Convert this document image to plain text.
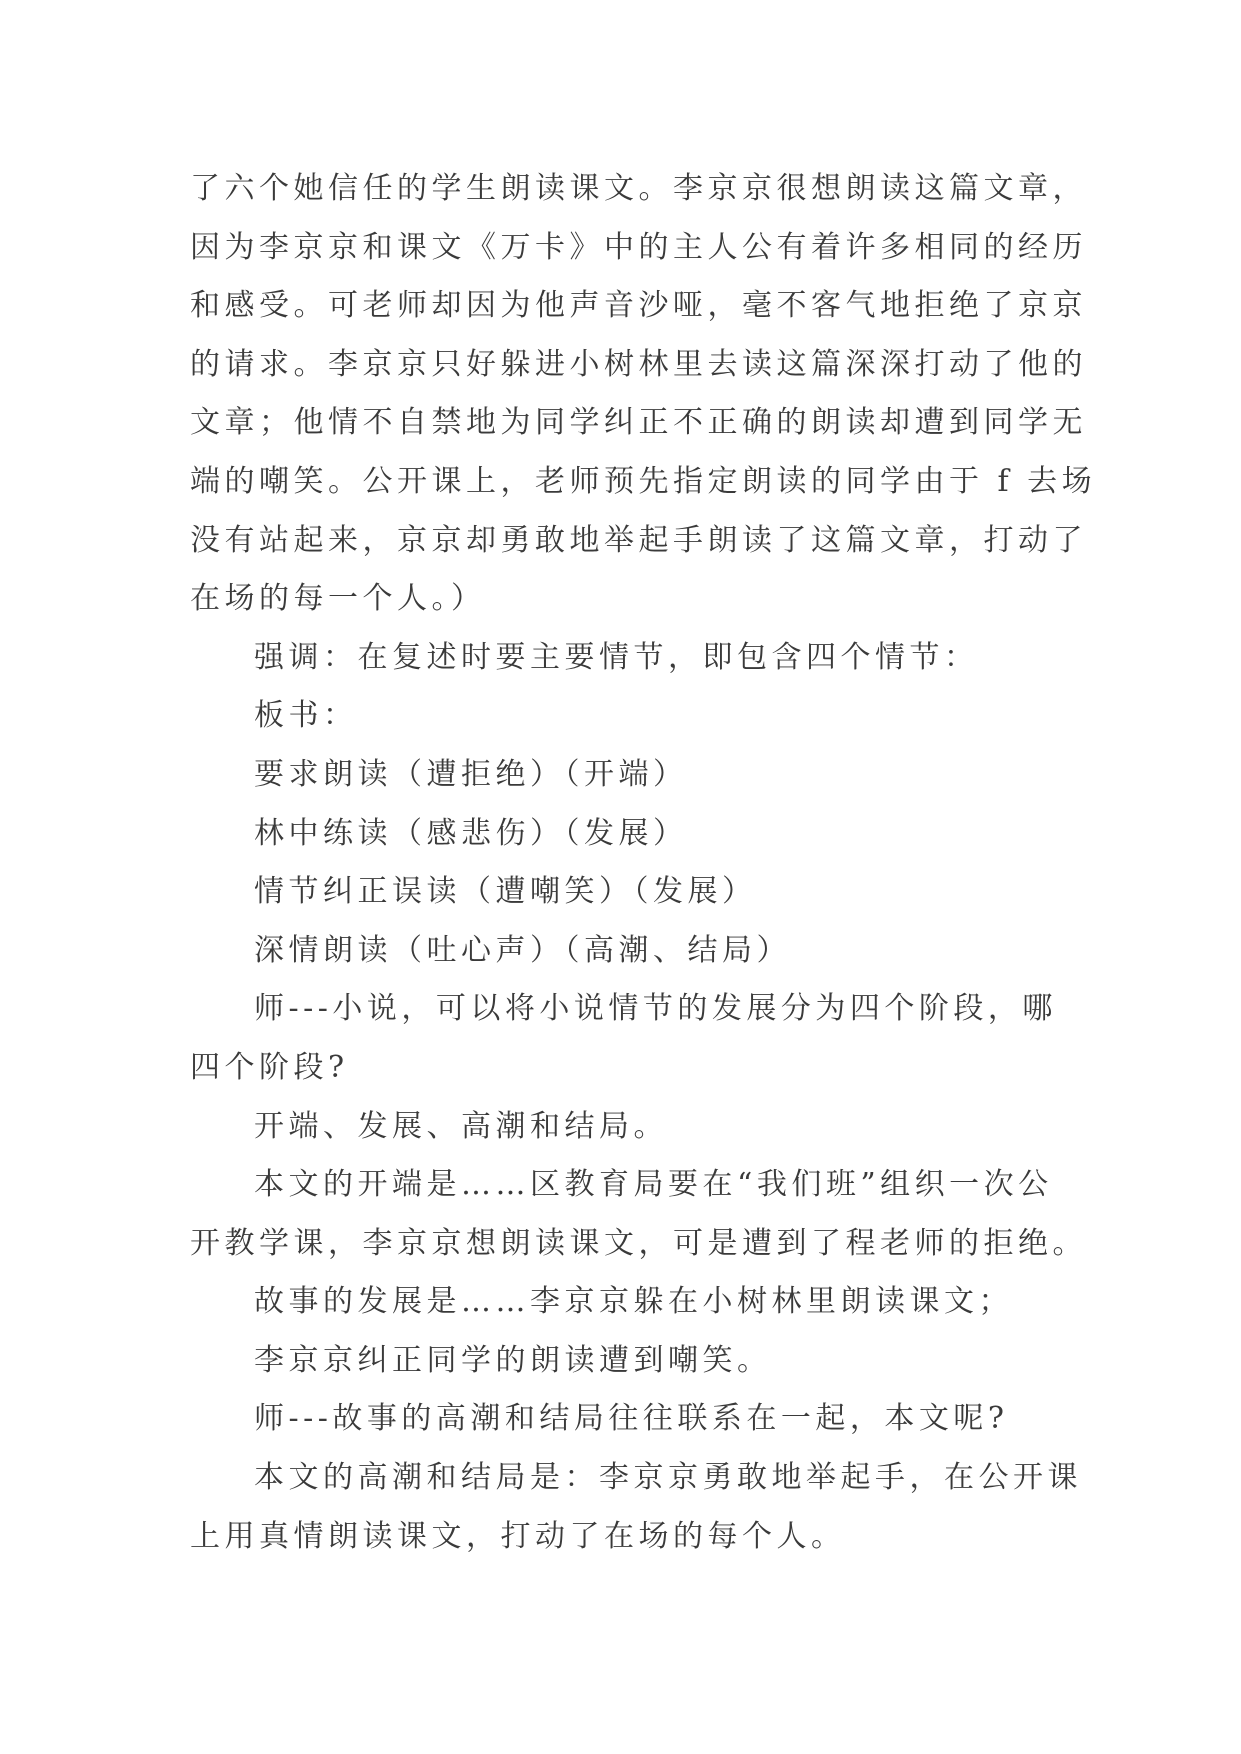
了六个她信任的学生朗读课文。李京京很想朗读这篇文章，
因为李京京和课文《万卡》中的主人公有着许多相同的经历
和感受。可老师却因为他声音沙哑，毫不客气地拒绝了京京
的请求。李京京只好躲进小树林里去读这篇深深打动了他的
文章；他情不自禁地为同学纠正不正确的朗读却遭到同学无
端的嘲笑。公开课上，老师预先指定朗读的同学由于 f 去场
没有站起来，京京却勇敢地举起手朗读了这篇文章，打动了
在场的每一个人。）
强调：在复述时要主要情节，即包含四个情节：
板书：
要求朗读（遭拒绝）（开端）
林中练读（感悲伤）（发展）
情节纠正误读（遭嘲笑）（发展）
深情朗读（吐心声）（高潮、结局）
师---小说，可以将小说情节的发展分为四个阶段，哪
四个阶段?
开端、发展、高潮和结局。
本文的开端是……区教育局要在“我们班”组织一次公
开教学课，李京京想朗读课文，可是遭到了程老师的拒绝。
故事的发展是……李京京躲在小树林里朗读课文；
李京京纠正同学的朗读遭到嘲笑。
师---故事的高潮和结局往往联系在一起，本文呢?
本文的高潮和结局是：李京京勇敢地举起手，在公开课
上用真情朗读课文，打动了在场的每个人。
